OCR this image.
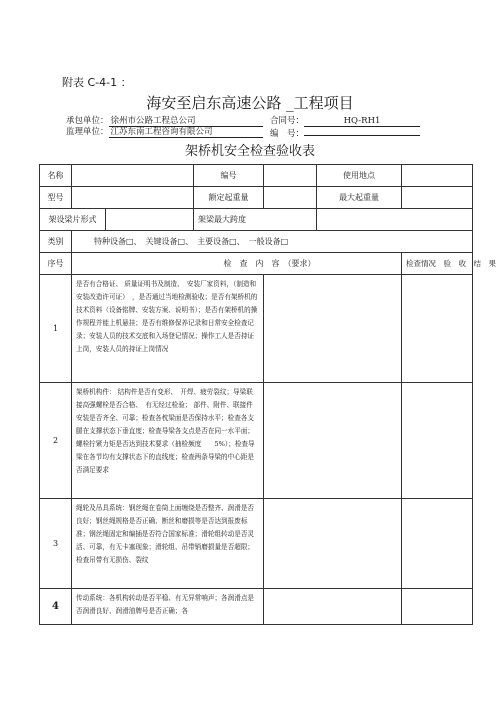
附表 C-4-1 ：
海安至启东高速公路 _工程项目
承包单位： 徐州市公路工程总公司	合同号：	HQ-RH1
监理单位： 江苏东南工程咨询有限公司	编　号：
架桥机安全检查验收表
名称			编号		使用地点	
型号			额定起重量		最大起重量	
架设梁片形式			架梁最大跨度			
类别	特种设备□、　关键设备□、　主要设备□、　一般设备□					
序号	检　查　内　容　（要求）					检查情况　验　收　结　果
1	是否有合格证、 质量证明书及制造、　安装厂家资料，（制造和安装改造许可证）　，是否通过当地检测验收；是否有架桥机的技术资料（设备铭牌、安装方案、说明书）；是否有架桥机的操作规程并能上机悬挂；是否有维修保养记录和日常安全检查记录；安装人员的技术交底和入场登记情况；操作工人是否持证上岗，安装人员的持证上岗情况					
2	架桥机构件： 结构件是否有变形、　开焊、疲劳裂纹；导梁联接高强螺栓是否合格、　有无经过检验； 部件、附件、联接件安装是否齐全、可靠；检查各枕梁面是否保持水平；检查各支腿在支撑状态下垂直度；检查导梁各支点是否在同一水平面；螺栓拧紧力矩是否达到技术要求（抽检频度　　5%）；检查导梁在各节均有支撑状态下的直线度；检查两条导梁的中心距是否满足要求					
3	绳轮及吊具系统：钢丝绳在卷筒上面缠绕是否整齐、润滑是否良好；钢丝绳规格是否正确、断丝和磨损等是否达到报废标准；钢丝绳固定和编插是否符合国家标准；滑轮组转动是否灵活、可靠，有无卡塞现象；滑轮组、吊带销磨损量是否超限；检查吊带有无损伤、裂纹					
4	传动系统：各机构转动是否平稳、有无异常响声；各润滑点是否润滑良好、润滑油牌号是否正确；各					
